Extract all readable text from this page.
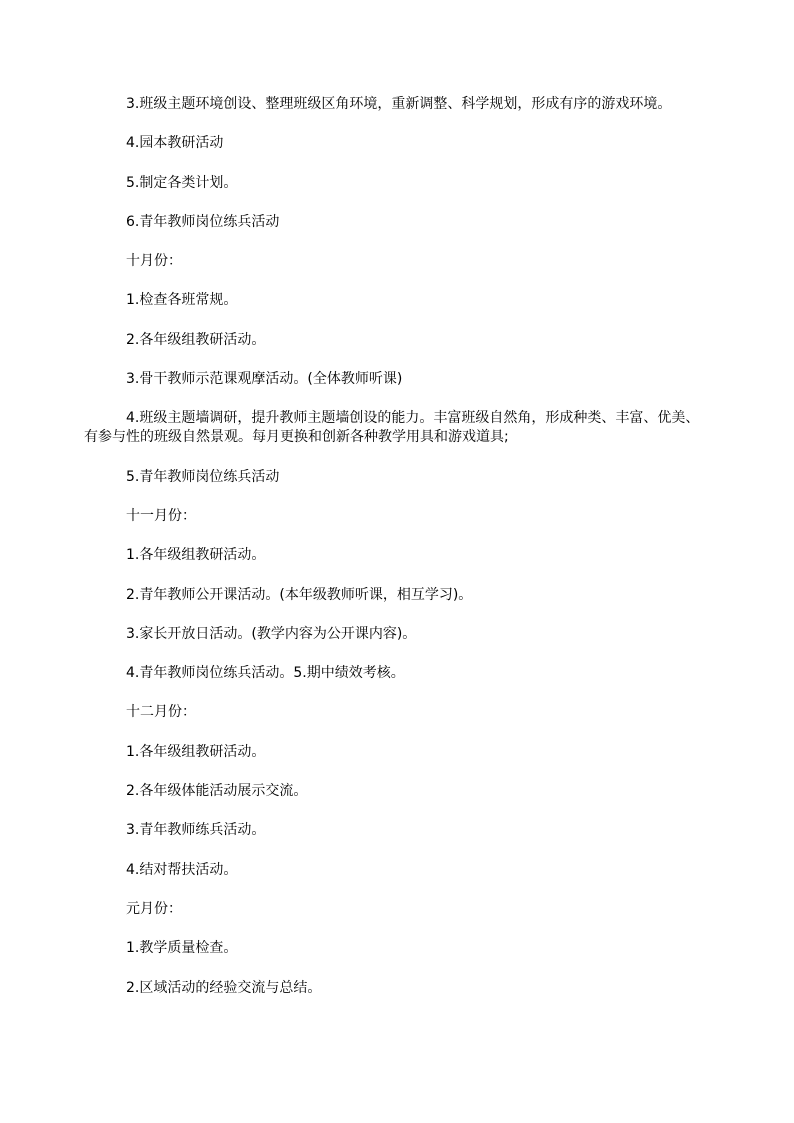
3.班级主题环境创设、整理班级区角环境，重新调整、科学规划，形成有序的游戏环境。

4.园本教研活动

5.制定各类计划。

6.青年教师岗位练兵活动

十月份：

1.检查各班常规。

2.各年级组教研活动。

3.骨干教师示范课观摩活动。(全体教师听课)

4.班级主题墙调研，提升教师主题墙创设的能力。丰富班级自然角，形成种类、丰富、优美、有参与性的班级自然景观。每月更换和创新各种教学用具和游戏道具;

5.青年教师岗位练兵活动

十一月份：

1.各年级组教研活动。

2.青年教师公开课活动。(本年级教师听课，相互学习)。

3.家长开放日活动。(教学内容为公开课内容)。

4.青年教师岗位练兵活动。5.期中绩效考核。

十二月份：

1.各年级组教研活动。

2.各年级体能活动展示交流。

3.青年教师练兵活动。

4.结对帮扶活动。

元月份：

1.教学质量检查。

2.区域活动的经验交流与总结。
